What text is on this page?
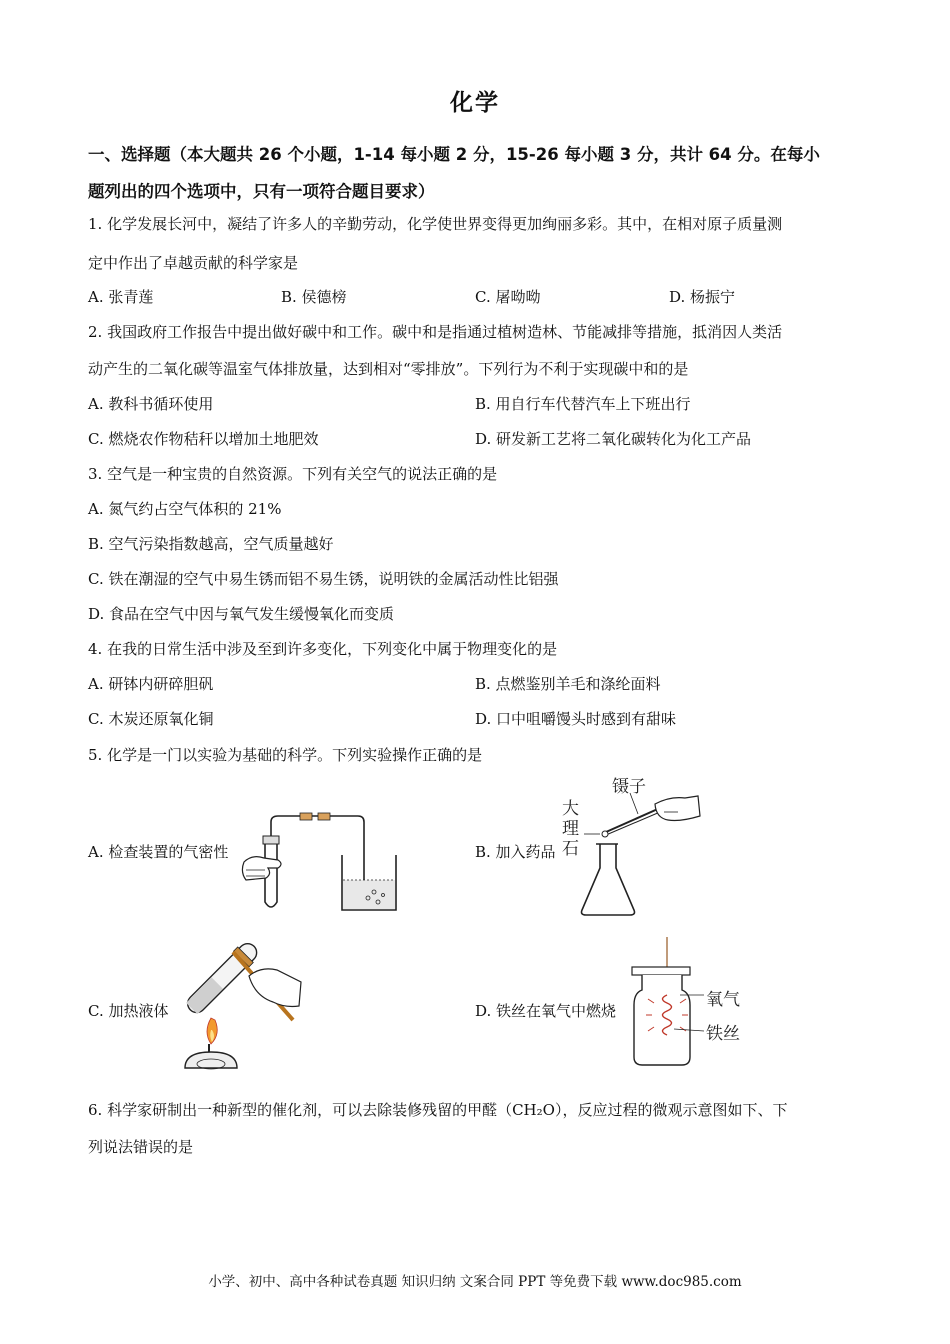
化学
一、选择题（本大题共 26 个小题，1-14 每小题 2 分，15-26 每小题 3 分，共计 64 分。在每小
题列出的四个选项中，只有一项符合题目要求）
1. 化学发展长河中，凝结了许多人的辛勤劳动，化学使世界变得更加绚丽多彩。其中，在相对原子质量测
定中作出了卓越贡献的科学家是
A. 张青莲	B. 侯德榜	C. 屠呦呦	D. 杨振宁
2. 我国政府工作报告中提出做好碳中和工作。碳中和是指通过植树造林、节能减排等措施，抵消因人类活
动产生的二氧化碳等温室气体排放量，达到相对“零排放”。下列行为不利于实现碳中和的是
A. 教科书循环使用	B. 用自行车代替汽车上下班出行
C. 燃烧农作物秸秆以增加土地肥效	D. 研发新工艺将二氧化碳转化为化工产品
3. 空气是一种宝贵的自然资源。下列有关空气的说法正确的是
A. 氮气约占空气体积的 21%
B. 空气污染指数越高，空气质量越好
C. 铁在潮湿的空气中易生锈而铝不易生锈，说明铁的金属活动性比铝强
D. 食品在空气中因与氧气发生缓慢氧化而变质
4. 在我的日常生活中涉及至到许多变化，下列变化中属于物理变化的是
A. 研钵内研碎胆矾	B. 点燃鉴别羊毛和涤纶面料
C. 木炭还原氧化铜	D. 口中咀嚼馒头时感到有甜味
5. 化学是一门以实验为基础的科学。下列实验操作正确的是
A. 检查装置的气密性	B. 加入药品
C. 加热液体	D. 铁丝在氧气中燃烧
镊子
大
理
石
氧气
铁丝
6. 科学家研制出一种新型的催化剂，可以去除装修残留的甲醛（CH₂O），反应过程的微观示意图如下、下
列说法错误的是
小学、初中、高中各种试卷真题 知识归纳 文案合同 PPT 等免费下载 www.doc985.com
